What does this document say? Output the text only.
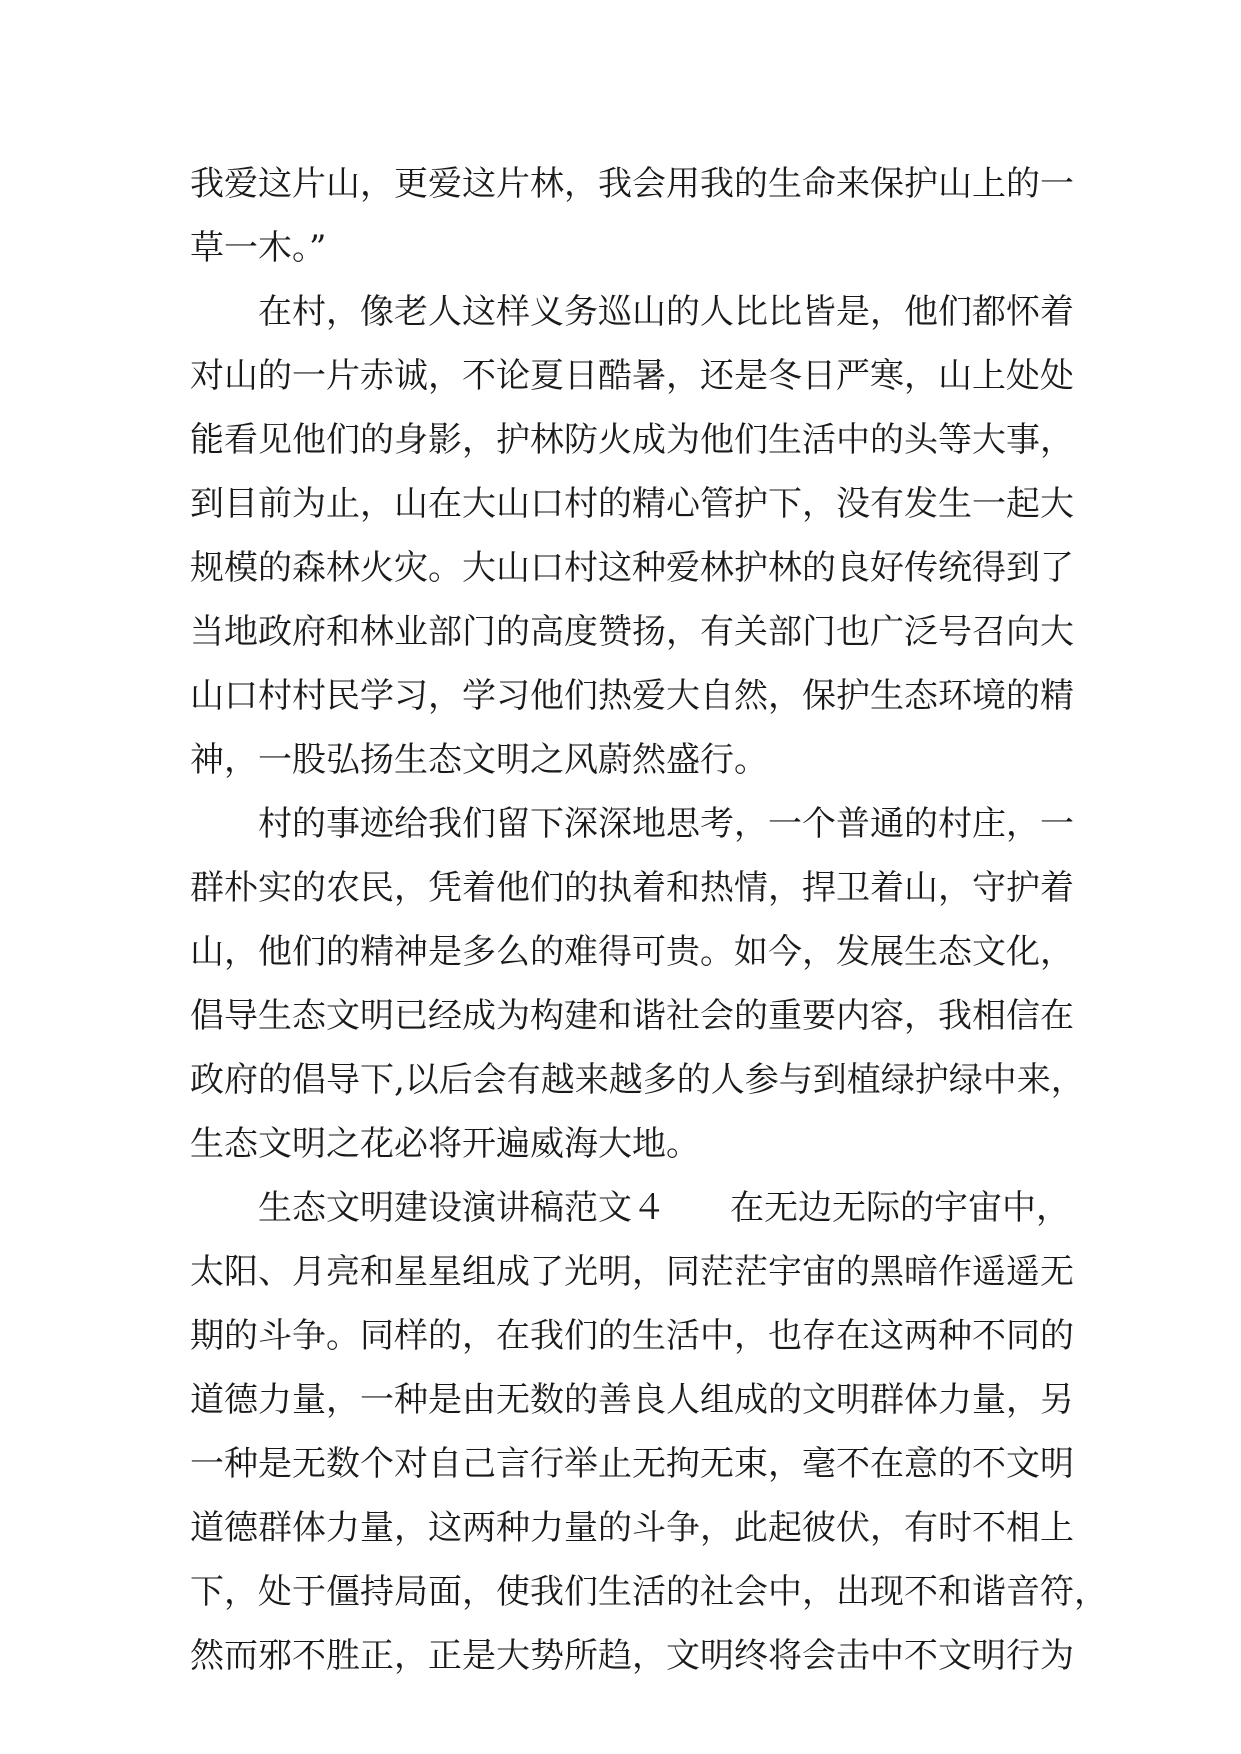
我爱这片山，更爱这片林，我会用我的生命来保护山上的一
草一木。”
在村，像老人这样义务巡山的人比比皆是，他们都怀着
对山的一片赤诚，不论夏日酷暑，还是冬日严寒，山上处处
能看见他们的身影，护林防火成为他们生活中的头等大事，
到目前为止，山在大山口村的精心管护下，没有发生一起大
规模的森林火灾。大山口村这种爱林护林的良好传统得到了
当地政府和林业部门的高度赞扬，有关部门也广泛号召向大
山口村村民学习，学习他们热爱大自然，保护生态环境的精
神，一股弘扬生态文明之风蔚然盛行。
村的事迹给我们留下深深地思考，一个普通的村庄，一
群朴实的农民，凭着他们的执着和热情，捍卫着山，守护着
山，他们的精神是多么的难得可贵。如今，发展生态文化，
倡导生态文明已经成为构建和谐社会的重要内容，我相信在
政府的倡导下,以后会有越来越多的人参与到植绿护绿中来，
生态文明之花必将开遍威海大地。
生态文明建设演讲稿范文４ 在无边无际的宇宙中，
太阳、月亮和星星组成了光明，同茫茫宇宙的黑暗作遥遥无
期的斗争。同样的，在我们的生活中，也存在这两种不同的
道德力量，一种是由无数的善良人组成的文明群体力量，另
一种是无数个对自己言行举止无拘无束，毫不在意的不文明
道德群体力量，这两种力量的斗争，此起彼伏，有时不相上
下，处于僵持局面，使我们生活的社会中，出现不和谐音符，
然而邪不胜正，正是大势所趋，文明终将会击中不文明行为
